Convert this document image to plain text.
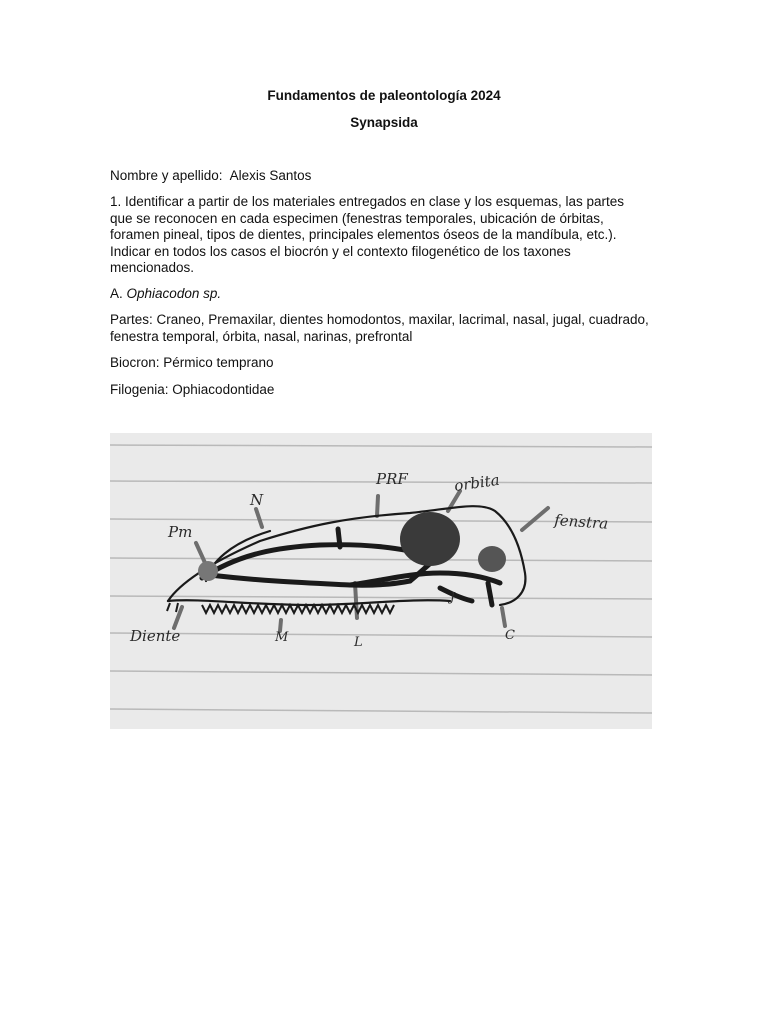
Fundamentos de paleontología 2024
Synapsida
Nombre y apellido: Alexis Santos
1. Identificar a partir de los materiales entregados en clase y los esquemas, las partes que se reconocen en cada especimen (fenestras temporales, ubicación de órbitas, foramen pineal, tipos de dientes, principales elementos óseos de la mandíbula, etc.). Indicar en todos los casos el biocrón y el contexto filogenético de los taxones mencionados.
A. Ophiacodon sp.
Partes: Craneo, Premaxilar, dientes homodontos, maxilar, lacrimal, nasal, jugal, cuadrado, fenestra temporal, órbita, nasal, narinas, prefrontal
Biocron: Pérmico temprano
Filogenia: Ophiacodontidae
PRF	orbita
N
Pm	fenstra
J
Diente	M	L	C
